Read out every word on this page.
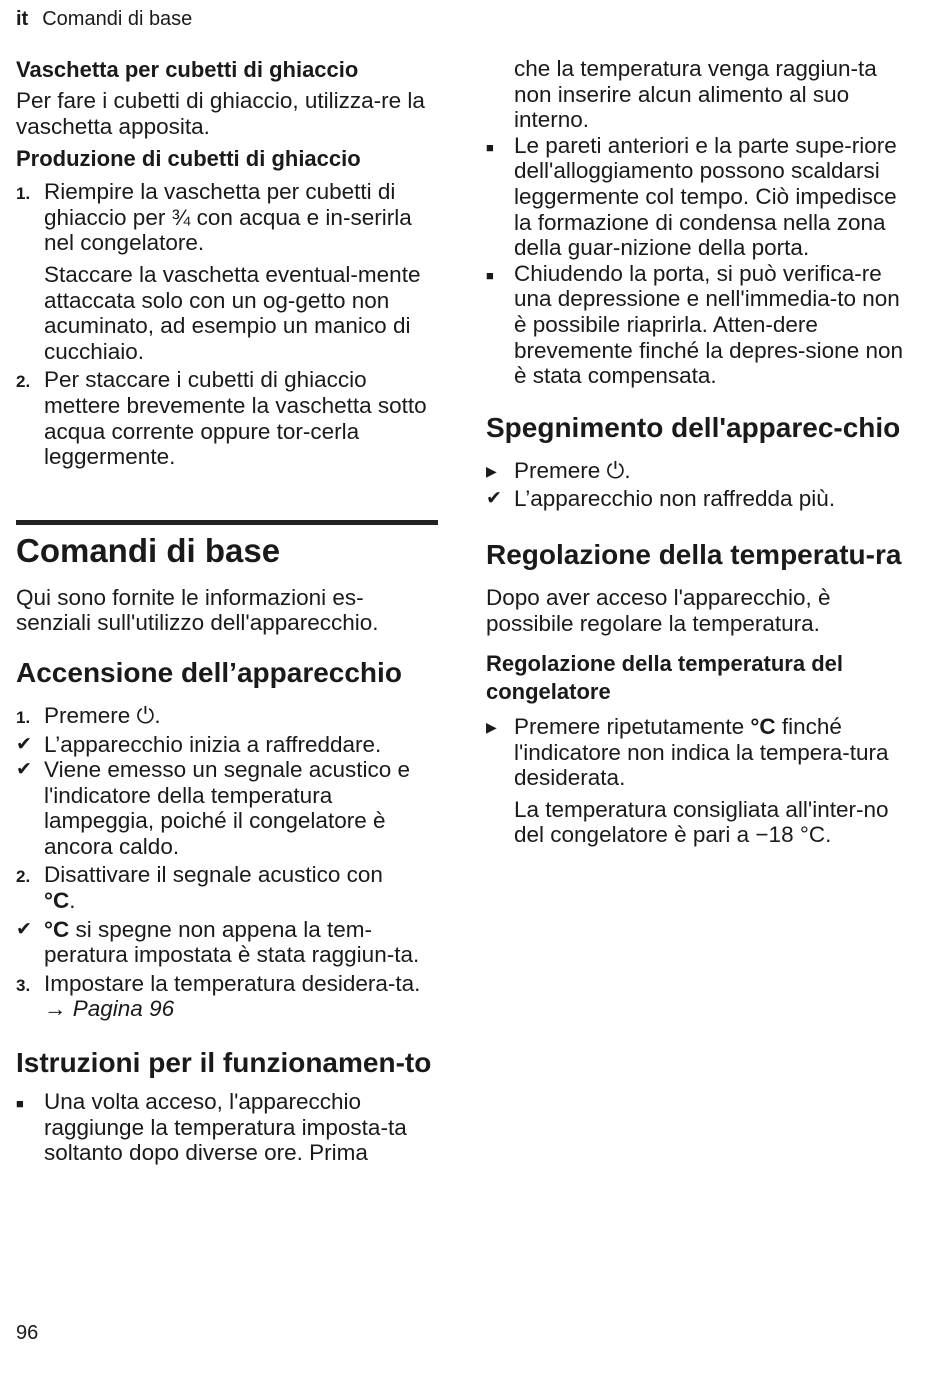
it Comandi di base
Vaschetta per cubetti di ghiaccio

Per fare i cubetti di ghiaccio, utilizza-re la vaschetta apposita.

Produzione di cubetti di ghiaccio
1. Riempire la vaschetta per cubetti di ghiaccio per ¾ con acqua e in-serirla nel congelatore.
Staccare la vaschetta eventual-mente attaccata solo con un og-getto non acuminato, ad esempio un manico di cucchiaio.
2. Per staccare i cubetti di ghiaccio mettere brevemente la vaschetta sotto acqua corrente oppure tor-cerla leggermente.
Comandi di base

Qui sono fornite le informazioni es-senziali sull'utilizzo dell'apparecchio.

Accensione dell’apparecchio
1. Premere ⏻.
✔ L’apparecchio inizia a raffreddare.
✔ Viene emesso un segnale acustico e l'indicatore della temperatura lampeggia, poiché il congelatore è ancora caldo.
2. Disattivare il segnale acustico con
°C.
✔ °C si spegne non appena la tem-peratura impostata è stata raggiun-ta.
3. Impostare la temperatura desidera-ta. → Pagina 96
Istruzioni per il funzionamen-to
■ Una volta acceso, l'apparecchio raggiunge la temperatura imposta-ta soltanto dopo diverse ore. Prima
che la temperatura venga raggiun-ta non inserire alcun alimento al suo interno.
■ Le pareti anteriori e la parte supe-riore dell'alloggiamento possono scaldarsi leggermente col tempo. Ciò impedisce la formazione di condensa nella zona della guar-nizione della porta.
■ Chiudendo la porta, si può verifica-re una depressione e nell'immedia-to non è possibile riaprirla. Atten-dere brevemente finché la depres-sione non è stata compensata.
Spegnimento dell'apparec-chio
▶ Premere ⏻.
✔ L’apparecchio non raffredda più.
Regolazione della temperatu-ra

Dopo aver acceso l'apparecchio, è possibile regolare la temperatura.

Regolazione della temperatura del congelatore
▶ Premere ripetutamente °C finché l'indicatore non indica la tempera-tura desiderata.
La temperatura consigliata all'inter-no del congelatore è pari a −18 °C.
96
